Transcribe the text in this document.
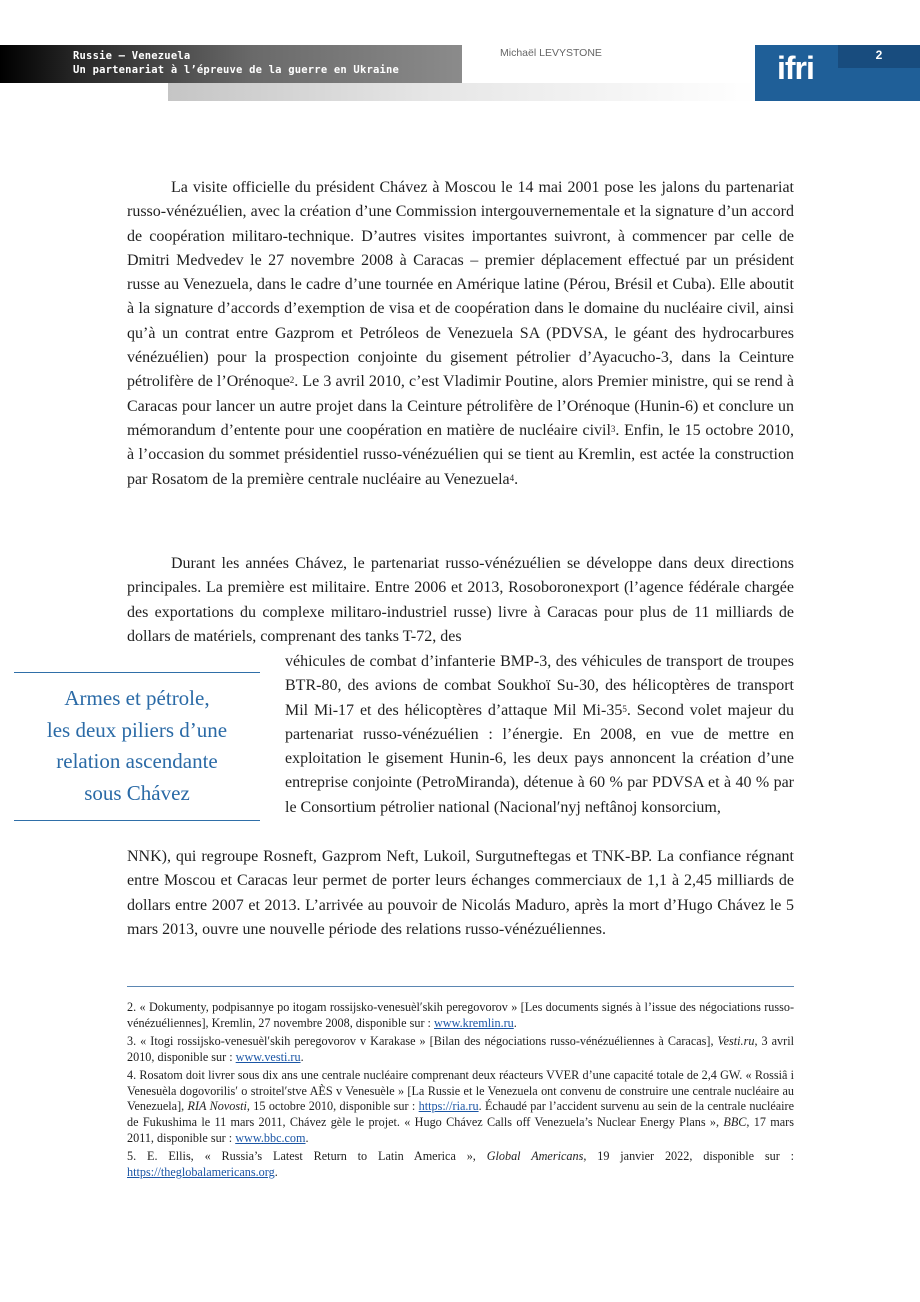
Russie – Venezuela
Un partenariat à l’épreuve de la guerre en Ukraine
Michaël LEVYSTONE	ifri	2

La visite officielle du président Chávez à Moscou le 14 mai 2001 pose les jalons du partenariat russo-vénézuélien, avec la création d’une Commission intergouvernementale et la signature d’un accord de coopération militaro-technique. D’autres visites importantes suivront, à commencer par celle de Dmitri Medvedev le 27 novembre 2008 à Caracas – premier déplacement effectué par un président russe au Venezuela, dans le cadre d’une tournée en Amérique latine (Pérou, Brésil et Cuba). Elle aboutit à la signature d’accords d’exemption de visa et de coopération dans le domaine du nucléaire civil, ainsi qu’à un contrat entre Gazprom et Petróleos de Venezuela SA (PDVSA, le géant des hydrocarbures vénézuélien) pour la prospection conjointe du gisement pétrolier d’Ayacucho-3, dans la Ceinture pétrolifère de l’Orénoque$^2$. Le 3 avril 2010, c’est Vladimir Poutine, alors Premier ministre, qui se rend à Caracas pour lancer un autre projet dans la Ceinture pétrolifère de l’Orénoque (Hunin-6) et conclure un mémorandum d’entente pour une coopération en matière de nucléaire civil$^3$. Enfin, le 15 octobre 2010, à l’occasion du sommet présidentiel russo-vénézuélien qui se tient au Kremlin, est actée la construction par Rosatom de la première centrale nucléaire au Venezuela$^4$.

Durant les années Chávez, le partenariat russo-vénézuélien se développe dans deux directions principales. La première est militaire. Entre 2006 et 2013, Rosoboronexport (l’agence fédérale chargée des exportations du complexe militaro-industriel russe) livre à Caracas pour plus de 11 milliards de dollars de matériels, comprenant des tanks T-72, des

véhicules de combat d’infanterie BMP-3, des véhicules de transport de troupes BTR-80, des avions de combat Soukhoï Su-30, des hélicoptères de transport Mil Mi-17 et des hélicoptères d’attaque Mil $Mi-35^5$. Second volet majeur du partenariat russo-vénézuélien : l’énergie. En 2008, en vue de mettre en exploitation le gisement Hunin-6, les deux pays annoncent la création d’une entreprise conjointe (PetroMiranda), détenue à 60 % par PDVSA et à 40 % par le Consortium pétrolier national (Nacional′nyj neftânoj konsorcium,

NNK), qui regroupe Rosneft, Gazprom Neft, Lukoil, Surgutneftegas et TNK-BP. La confiance régnant entre Moscou et Caracas leur permet de porter leurs échanges commerciaux de 1,1 à 2,45 milliards de dollars entre 2007 et 2013. L’arrivée au pouvoir de Nicolás Maduro, après la mort d’Hugo Chávez le 5 mars 2013, ouvre une nouvelle période des relations russo-vénézuéliennes.

Armes et pétrole,
les deux piliers d’une
relation ascendante
sous Chávez

2. « Dokumenty, podpisannye po itogam rossijsko-venesuèl′skih peregovorov » [Les documents signés à l’issue des négociations russo-vénézuéliennes], Kremlin, 27 novembre 2008, disponible sur : www.kremlin.ru.

3. « Itogi rossijsko-venesuèl′skih peregovorov v Karakase » [Bilan des négociations russo-vénézuéliennes à Caracas], Vesti.ru, 3 avril 2010, disponible sur : www.vesti.ru.

4. Rosatom doit livrer sous dix ans une centrale nucléaire comprenant deux réacteurs VVER d’une capacité totale de 2,4 GW. « Rossiâ i Venesuèla dogovorilis′ o stroitel′stve AÈS v Venesuèle » [La Russie et le Venezuela ont convenu de construire une centrale nucléaire au Venezuela], RIA Novosti, 15 octobre 2010, disponible sur : https://ria.ru. Échaudé par l’accident survenu au sein de la centrale nucléaire de Fukushima le 11 mars 2011, Chávez gèle le projet. « Hugo Chávez Calls off Venezuela’s Nuclear Energy Plans », BBC, 17 mars 2011, disponible sur : www.bbc.com.

5. E. Ellis, « Russia’s Latest Return to Latin America », Global Americans, 19 janvier 2022, disponible sur : https://theglobalamericans.org.
